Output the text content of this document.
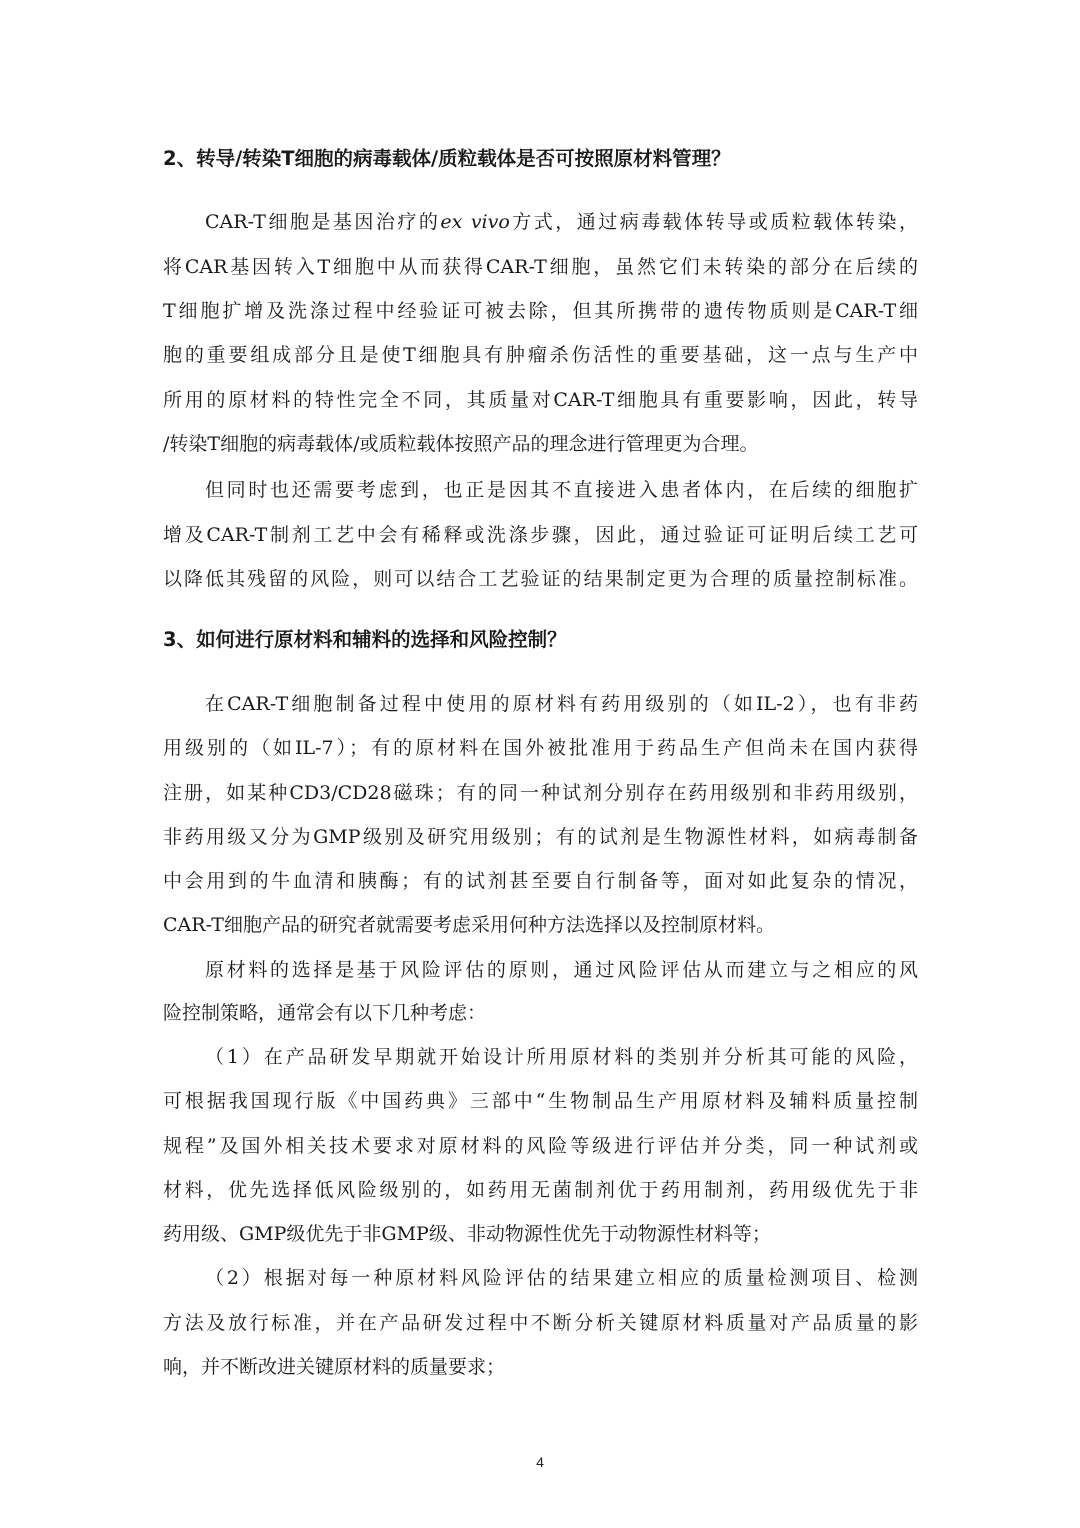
2、转导/转染T细胞的病毒载体/质粒载体是否可按照原材料管理？
CAR-T细胞是基因治疗的ex vivo方式，通过病毒载体转导或质粒载体转染，
将CAR基因转入T细胞中从而获得CAR-T细胞，虽然它们未转染的部分在后续的
T细胞扩增及洗涤过程中经验证可被去除，但其所携带的遗传物质则是CAR-T细
胞的重要组成部分且是使T细胞具有肿瘤杀伤活性的重要基础，这一点与生产中
所用的原材料的特性完全不同，其质量对CAR-T细胞具有重要影响，因此，转导
/转染T细胞的病毒载体/或质粒载体按照产品的理念进行管理更为合理。
但同时也还需要考虑到，也正是因其不直接进入患者体内，在后续的细胞扩
增及CAR-T制剂工艺中会有稀释或洗涤步骤，因此，通过验证可证明后续工艺可
以降低其残留的风险，则可以结合工艺验证的结果制定更为合理的质量控制标准。
3、如何进行原材料和辅料的选择和风险控制？
在CAR-T细胞制备过程中使用的原材料有药用级别的（如IL-2），也有非药
用级别的（如IL-7）；有的原材料在国外被批准用于药品生产但尚未在国内获得
注册，如某种CD3/CD28磁珠；有的同一种试剂分别存在药用级别和非药用级别，
非药用级又分为GMP级别及研究用级别；有的试剂是生物源性材料，如病毒制备
中会用到的牛血清和胰酶；有的试剂甚至要自行制备等，面对如此复杂的情况，
CAR-T细胞产品的研究者就需要考虑采用何种方法选择以及控制原材料。
原材料的选择是基于风险评估的原则，通过风险评估从而建立与之相应的风
险控制策略，通常会有以下几种考虑：
（1）在产品研发早期就开始设计所用原材料的类别并分析其可能的风险，
可根据我国现行版《中国药典》三部中“生物制品生产用原材料及辅料质量控制
规程”及国外相关技术要求对原材料的风险等级进行评估并分类，同一种试剂或
材料，优先选择低风险级别的，如药用无菌制剂优于药用制剂，药用级优先于非
药用级、GMP级优先于非GMP级、非动物源性优先于动物源性材料等；
（2）根据对每一种原材料风险评估的结果建立相应的质量检测项目、检测
方法及放行标准，并在产品研发过程中不断分析关键原材料质量对产品质量的影
响，并不断改进关键原材料的质量要求；
4
